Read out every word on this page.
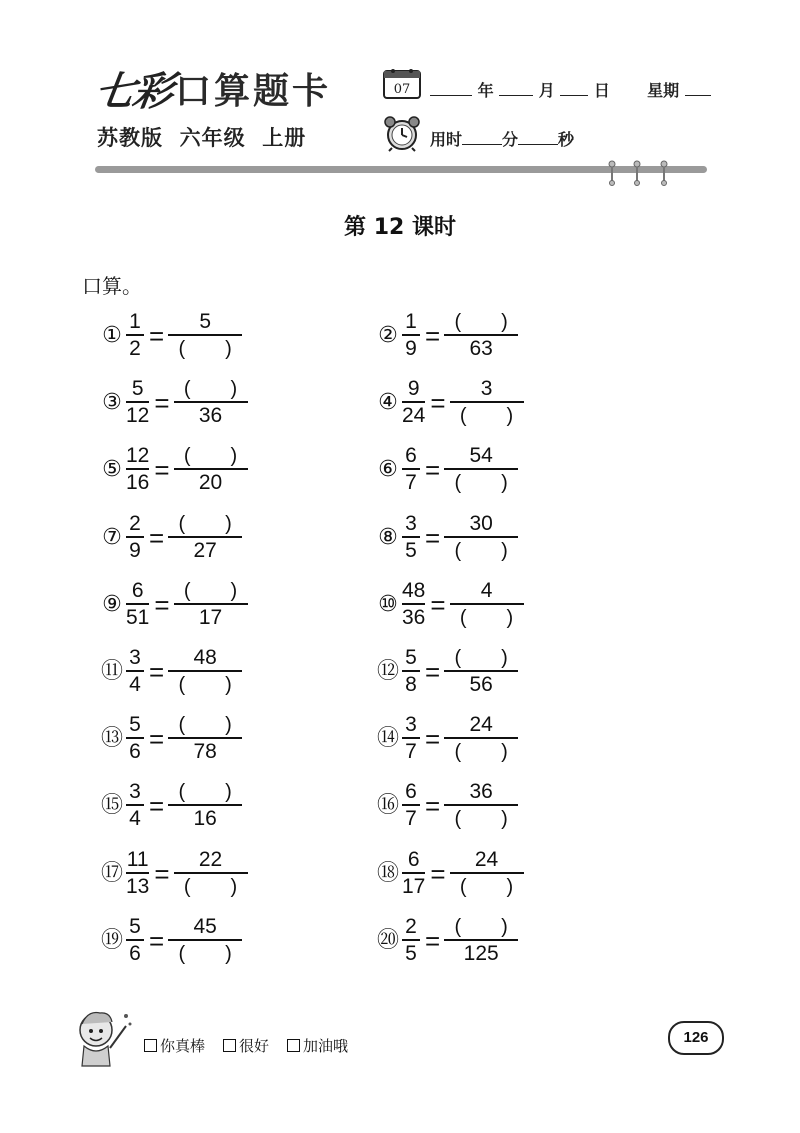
七彩 口算题卡
苏教版  六年级  上册
07	年	月 日 星期
用时	分	秒
第 12 课时
口算。
① $\frac{1}{2} = \frac{5}{( )}$	② $\frac{1}{9} = \frac{( )}{63}$
③ $\frac{5}{12} = \frac{( )}{36}$	④ $\frac{9}{24} = \frac{3}{( )}$
⑤ $\frac{12}{16} = \frac{( )}{20}$	⑥ $\frac{6}{7} = \frac{54}{( )}$
⑦ $\frac{2}{9} = \frac{( )}{27}$	⑧ $\frac{3}{5} = \frac{30}{( )}$
⑨ $\frac{6}{51} = \frac{( )}{17}$	⑩ $\frac{48}{36} = \frac{4}{( )}$
⑪ $\frac{3}{4} = \frac{48}{( )}$	⑫ $\frac{5}{8} = \frac{( )}{56}$
⑬ $\frac{5}{6} = \frac{( )}{78}$	⑭ $\frac{3}{7} = \frac{24}{( )}$
⑮ $\frac{3}{4} = \frac{( )}{16}$	⑯ $\frac{6}{7} = \frac{36}{( )}$
⑰ $\frac{11}{13} = \frac{22}{( )}$	⑱ $\frac{6}{17} = \frac{24}{( )}$
⑲ $\frac{5}{6} = \frac{45}{( )}$	⑳ $\frac{2}{5} = \frac{( )}{125}$
你真棒 很好 加油哦	126
